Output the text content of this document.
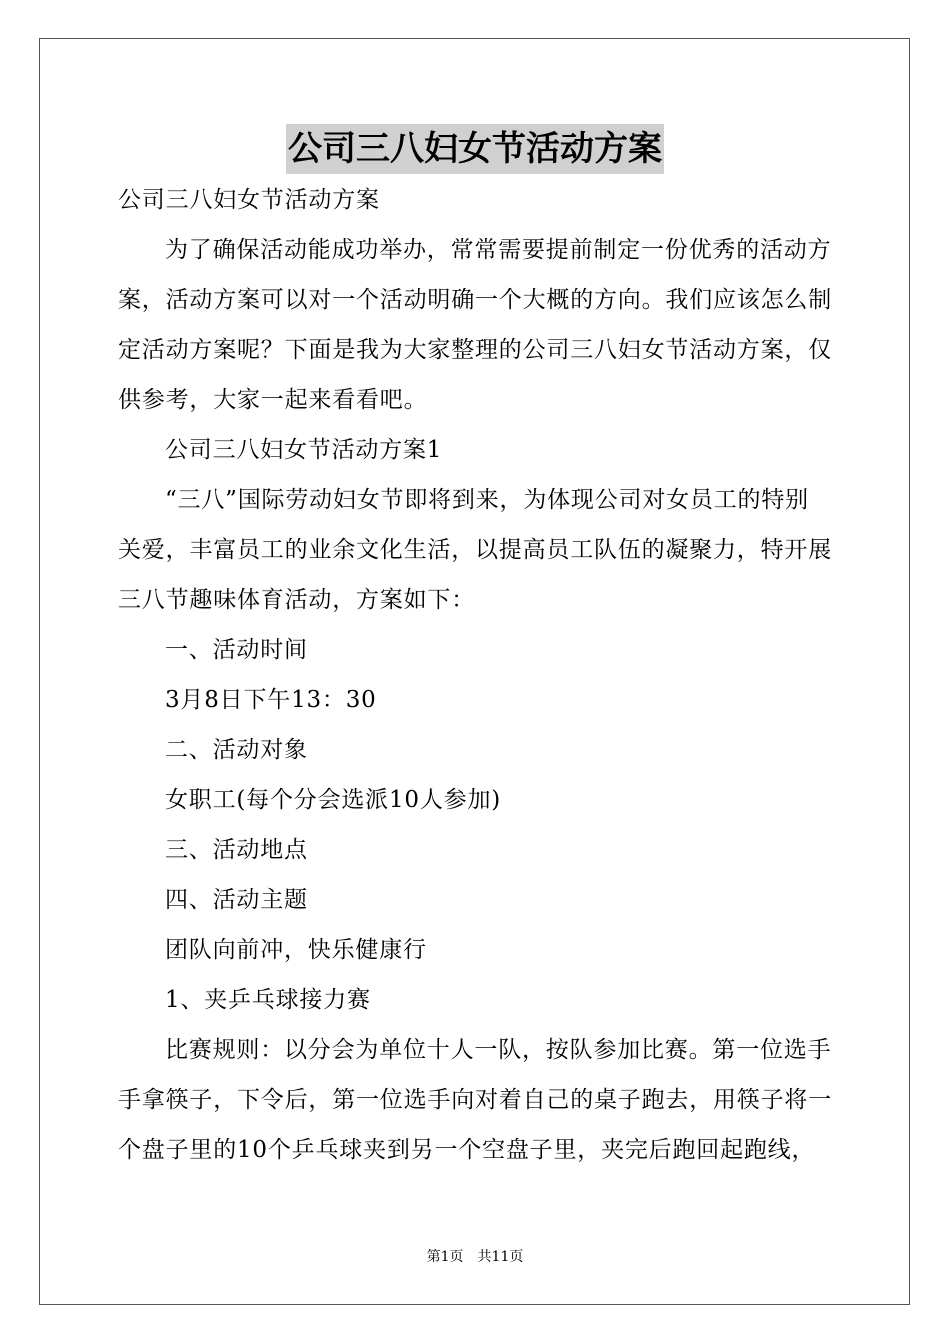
公司三八妇女节活动方案
公司三八妇女节活动方案
为了确保活动能成功举办，常常需要提前制定一份优秀的活动方
案，活动方案可以对一个活动明确一个大概的方向。我们应该怎么制
定活动方案呢？下面是我为大家整理的公司三八妇女节活动方案，仅
供参考，大家一起来看看吧。
公司三八妇女节活动方案1
“三八”国际劳动妇女节即将到来，为体现公司对女员工的特别
关爱，丰富员工的业余文化生活，以提高员工队伍的凝聚力，特开展
三八节趣味体育活动，方案如下：
一、活动时间
3月8日下午13：30
二、活动对象
女职工(每个分会选派10人参加)
三、活动地点
四、活动主题
团队向前冲，快乐健康行
1、夹乒乓球接力赛
比赛规则：以分会为单位十人一队，按队参加比赛。第一位选手
手拿筷子，下令后，第一位选手向对着自己的桌子跑去，用筷子将一
个盘子里的10个乒乓球夹到另一个空盘子里，夹完后跑回起跑线，
第1页　共11页
